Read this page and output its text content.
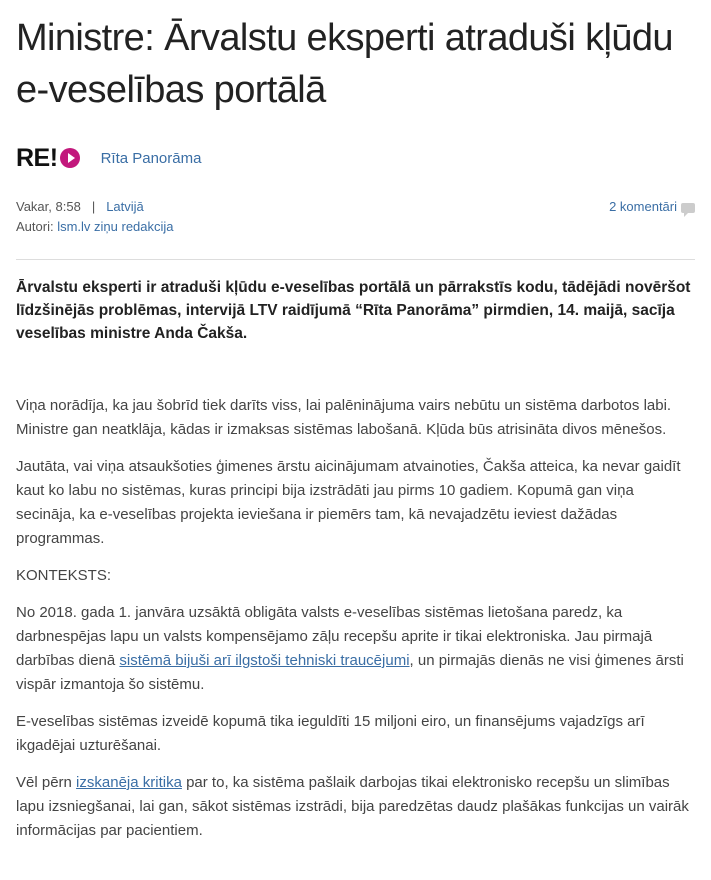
Ministre: Ārvalstu eksperti atraduši kļūdu e-veselības portālā
RE!	Rīta Panorāma
Vakar, 8:58 | Latvijā
Autori: lsm.lv ziņu redakcija
2 komentāri

Ārvalstu eksperti ir atraduši kļūdu e-veselības portālā un pārrakstīs kodu, tādējādi novēršot līdzšinējās problēmas, intervijā LTV raidījumā “Rīta Panorāma” pirmdien, 14. maijā, sacīja veselības ministre Anda Čakša.

Viņa norādīja, ka jau šobrīd tiek darīts viss, lai palēninājuma vairs nebūtu un sistēma darbotos labi. Ministre gan neatklāja, kādas ir izmaksas sistēmas labošanā. Kļūda būs atrisināta divos mēnešos.

Jautāta, vai viņa atsaukšoties ģimenes ārstu aicinājumam atvainoties, Čakša atteica, ka nevar gaidīt kaut ko labu no sistēmas, kuras principi bija izstrādāti jau pirms 10 gadiem. Kopumā gan viņa secināja, ka e-veselības projekta ieviešana ir piemērs tam, kā nevajadzētu ieviest dažādas programmas.

KONTEKSTS:

No 2018. gada 1. janvāra uzsāktā obligāta valsts e-veselības sistēmas lietošana paredz, ka darbnespējas lapu un valsts kompensējamo zāļu recepšu aprite ir tikai elektroniska. Jau pirmajā darbības dienā sistēmā bijuši arī ilgstoši tehniski traucējumi, un pirmajās dienās ne visi ģimenes ārsti vispār izmantoja šo sistēmu.

E-veselības sistēmas izveidē kopumā tika ieguldīti 15 miljoni eiro, un finansējums vajadzīgs arī ikgadējai uzturēšanai.

Vēl pērn izskanēja kritika par to, ka sistēma pašlaik darbojas tikai elektronisko recepšu un slimības lapu izsniegšanai, lai gan, sākot sistēmas izstrādi, bija paredzētas daudz plašākas funkcijas un vairāk informācijas par pacientiem.
